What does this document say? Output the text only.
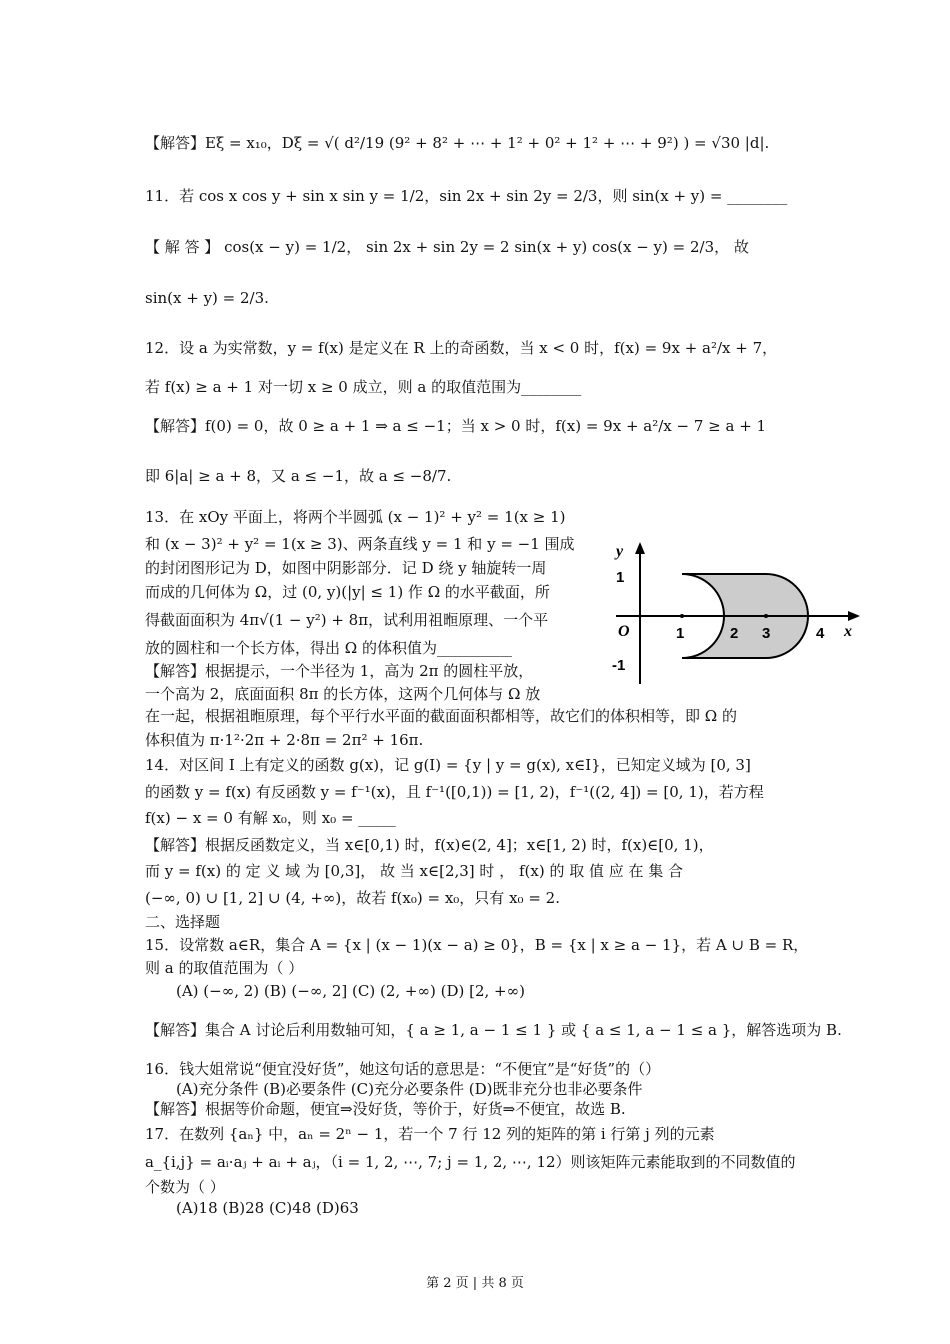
【解答】Eξ = x₁₀，Dξ = √( d²/19 (9² + 8² + ⋯ + 1² + 0² + 1² + ⋯ + 9²) ) = √30 |d|.
11．若 cos x cos y + sin x sin y = 1/2，sin 2x + sin 2y = 2/3，则 sin(x + y) = ________
【 解 答 】 cos(x − y) = 1/2， sin 2x + sin 2y = 2 sin(x + y) cos(x − y) = 2/3， 故
sin(x + y) = 2/3.
12．设 a 为实常数，y = f(x) 是定义在 R 上的奇函数，当 x < 0 时，f(x) = 9x + a²/x + 7，
若 f(x) ≥ a + 1 对一切 x ≥ 0 成立，则 a 的取值范围为________
【解答】f(0) = 0，故 0 ≥ a + 1 ⇒ a ≤ −1；当 x > 0 时，f(x) = 9x + a²/x − 7 ≥ a + 1
即 6|a| ≥ a + 8，又 a ≤ −1，故 a ≤ −8/7.
13．在 xOy 平面上，将两个半圆弧 (x − 1)² + y² = 1(x ≥ 1)
和 (x − 3)² + y² = 1(x ≥ 3)、两条直线 y = 1 和 y = −1 围成
的封闭图形记为 D，如图中阴影部分．记 D 绕 y 轴旋转一周
而成的几何体为 Ω，过 (0, y)(|y| ≤ 1) 作 Ω 的水平截面，所
得截面面积为 4π√(1 − y²) + 8π，试利用祖暅原理、一个平
放的圆柱和一个长方体，得出 Ω 的体积值为__________
【解答】根据提示，一个半径为 1，高为 2π 的圆柱平放，
一个高为 2，底面面积 8π 的长方体，这两个几何体与 Ω 放
在一起，根据祖暅原理，每个平行水平面的截面面积都相等，故它们的体积相等，即 Ω 的
体积值为 π·1²·2π + 2·8π = 2π² + 16π.
14．对区间 I 上有定义的函数 g(x)，记 g(I) = {y | y = g(x), x∈I}，已知定义域为 [0, 3]
的函数 y = f(x) 有反函数 y = f⁻¹(x)，且 f⁻¹([0,1)) = [1, 2)，f⁻¹((2, 4]) = [0, 1)，若方程
f(x) − x = 0 有解 x₀，则 x₀ = _____
【解答】根据反函数定义，当 x∈[0,1) 时，f(x)∈(2, 4]；x∈[1, 2) 时，f(x)∈[0, 1)，
而 y = f(x) 的 定 义 域 为 [0,3]， 故 当 x∈[2,3] 时 ， f(x) 的 取 值 应 在 集 合
(−∞, 0) ∪ [1, 2] ∪ (4, +∞)，故若 f(x₀) = x₀，只有 x₀ = 2.
二、选择题
15．设常数 a∈R，集合 A = {x | (x − 1)(x − a) ≥ 0}，B = {x | x ≥ a − 1}，若 A ∪ B = R，
则 a 的取值范围为（ ）
(A) (−∞, 2) (B) (−∞, 2] (C) (2, +∞) (D) [2, +∞)
【解答】集合 A 讨论后利用数轴可知，{ a ≥ 1, a − 1 ≤ 1 } 或 { a ≤ 1, a − 1 ≤ a }，解答选项为 B.
16．钱大姐常说“便宜没好货”，她这句话的意思是：“不便宜”是“好货”的（）
(A)充分条件 (B)必要条件 (C)充分必要条件 (D)既非充分也非必要条件
【解答】根据等价命题，便宜⇒没好货，等价于，好货⇒不便宜，故选 B.
17．在数列 {aₙ} 中，aₙ = 2ⁿ − 1，若一个 7 行 12 列的矩阵的第 i 行第 j 列的元素
a_{i,j} = aᵢ·aⱼ + aᵢ + aⱼ，（i = 1, 2, ⋯, 7; j = 1, 2, ⋯, 12）则该矩阵元素能取到的不同数值的
个数为（ ）
(A)18 (B)28 (C)48 (D)63
y
x
O	1	2 3	4
1
-1
第 2 页 | 共 8 页
